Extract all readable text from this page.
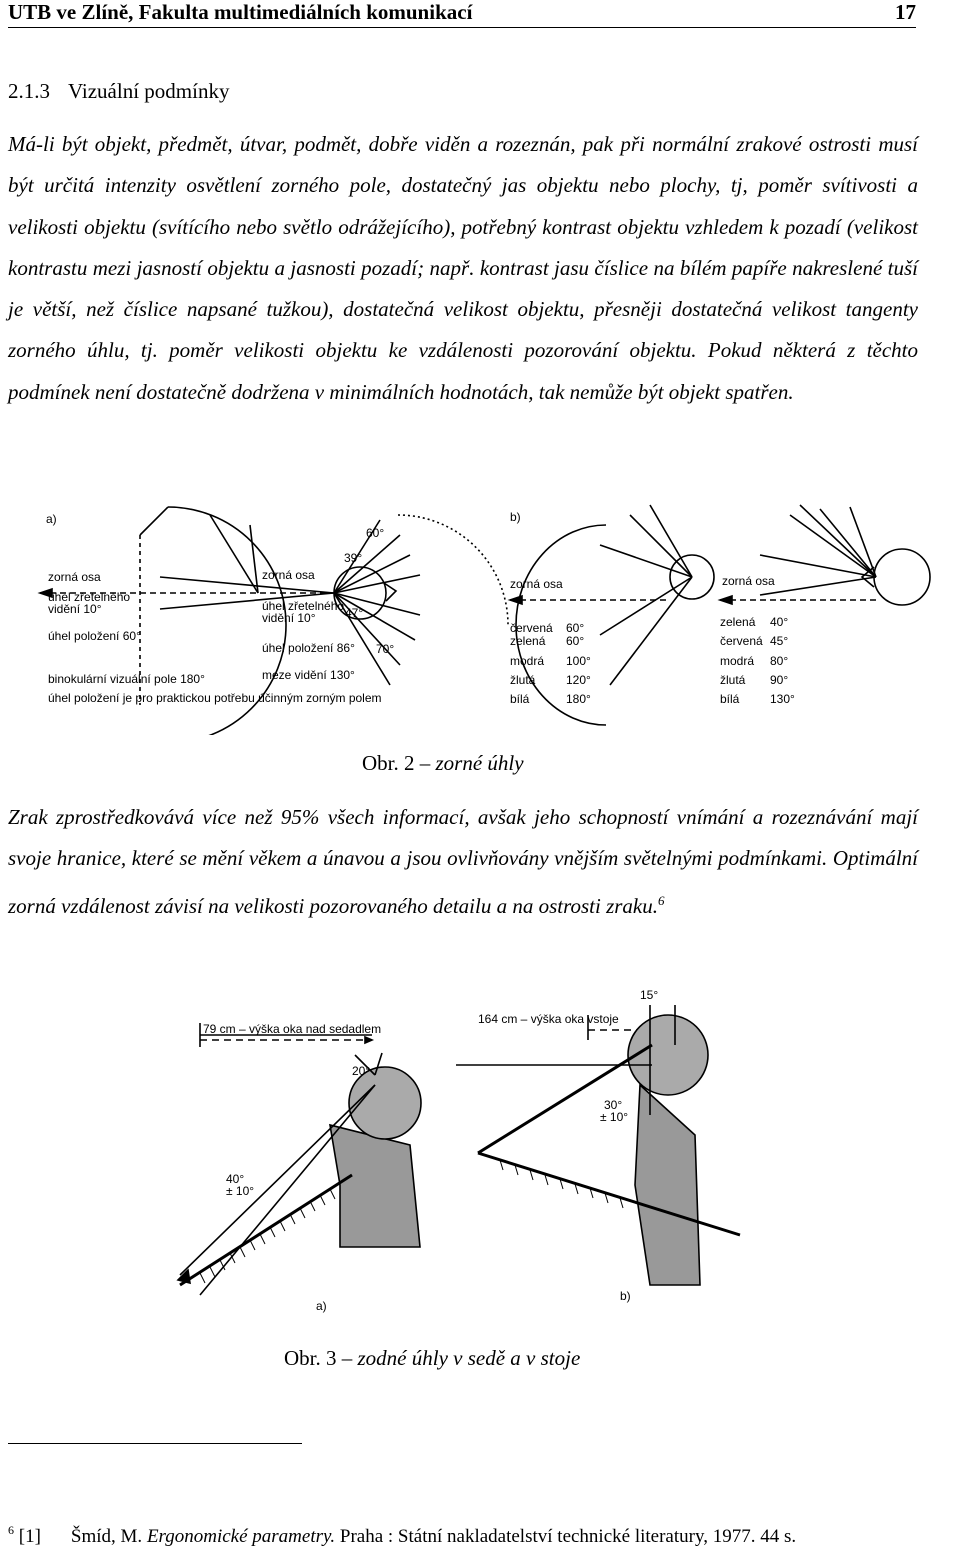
UTB ve Zlíně, Fakulta multimediálních komunikací	17
2.1.3 Vizuální podmínky
Má-li být objekt, předmět, útvar, podmět, dobře viděn a rozeznán, pak při normální zrakové ostrosti musí být určitá intenzity osvětlení zorného pole, dostatečný jas objektu nebo plochy, tj, poměr svítivosti a velikosti objektu (svítícího nebo světlo odrážejícího), potřebný kontrast objektu vzhledem k pozadí (velikost kontrastu mezi jasností objektu a jasnosti pozadí; např. kontrast jasu číslice na bílém papíře nakreslené tuší je větší, než číslice napsané tužkou), dostatečná velikost objektu, přesněji dostatečná velikost tangenty zorného úhlu, tj. poměr velikosti objektu ke vzdálenosti pozorování objektu. Pokud některá z těchto podmínek není dostatečně dodržena v minimálních hodnotách, tak nemůže být objekt spatřen.
a)
60°
39°
47°
70°
zorná osa	zorná osa
úhel zřetelného
vidění 10°	úhel zřetelného
vidění 10°
úhel položení 60°
úhel položení 86°
meze vidění 130°
binokulární vizuální pole 180°
úhel položení je pro praktickou potřebu účinným zorným polem
b)
zorná osa	zorná osa
červená 60°
zelená 60°
modrá 100°
žlutá	120°
bílá	180°
zelená 40°
červená 45°
modrá 80°
žlutá 90°
bílá	130°
Obr. 2 – zorné úhly
Zrak zprostředkovává více než 95% všech informací, avšak jeho schopností vnímání a rozeznávání mají svoje hranice, které se mění věkem a únavou a jsou ovlivňovány vnějším světelnými podmínkami. Optimální zorná vzdálenost závisí na velikosti pozorovaného detailu a na ostrosti zraku.$^6$
79 cm – výška oka nad sedadlem
20°
40°
± 10°
a)
164 cm – výška oka vstoje
15°
30°
± 10°
b)
Obr. 3 – zodné úhly v sedě a v stoje
$^6$ [1] Šmíd, M. Ergonomické parametry. Praha : Státní nakladatelství technické literatury, 1977. 44 s.
